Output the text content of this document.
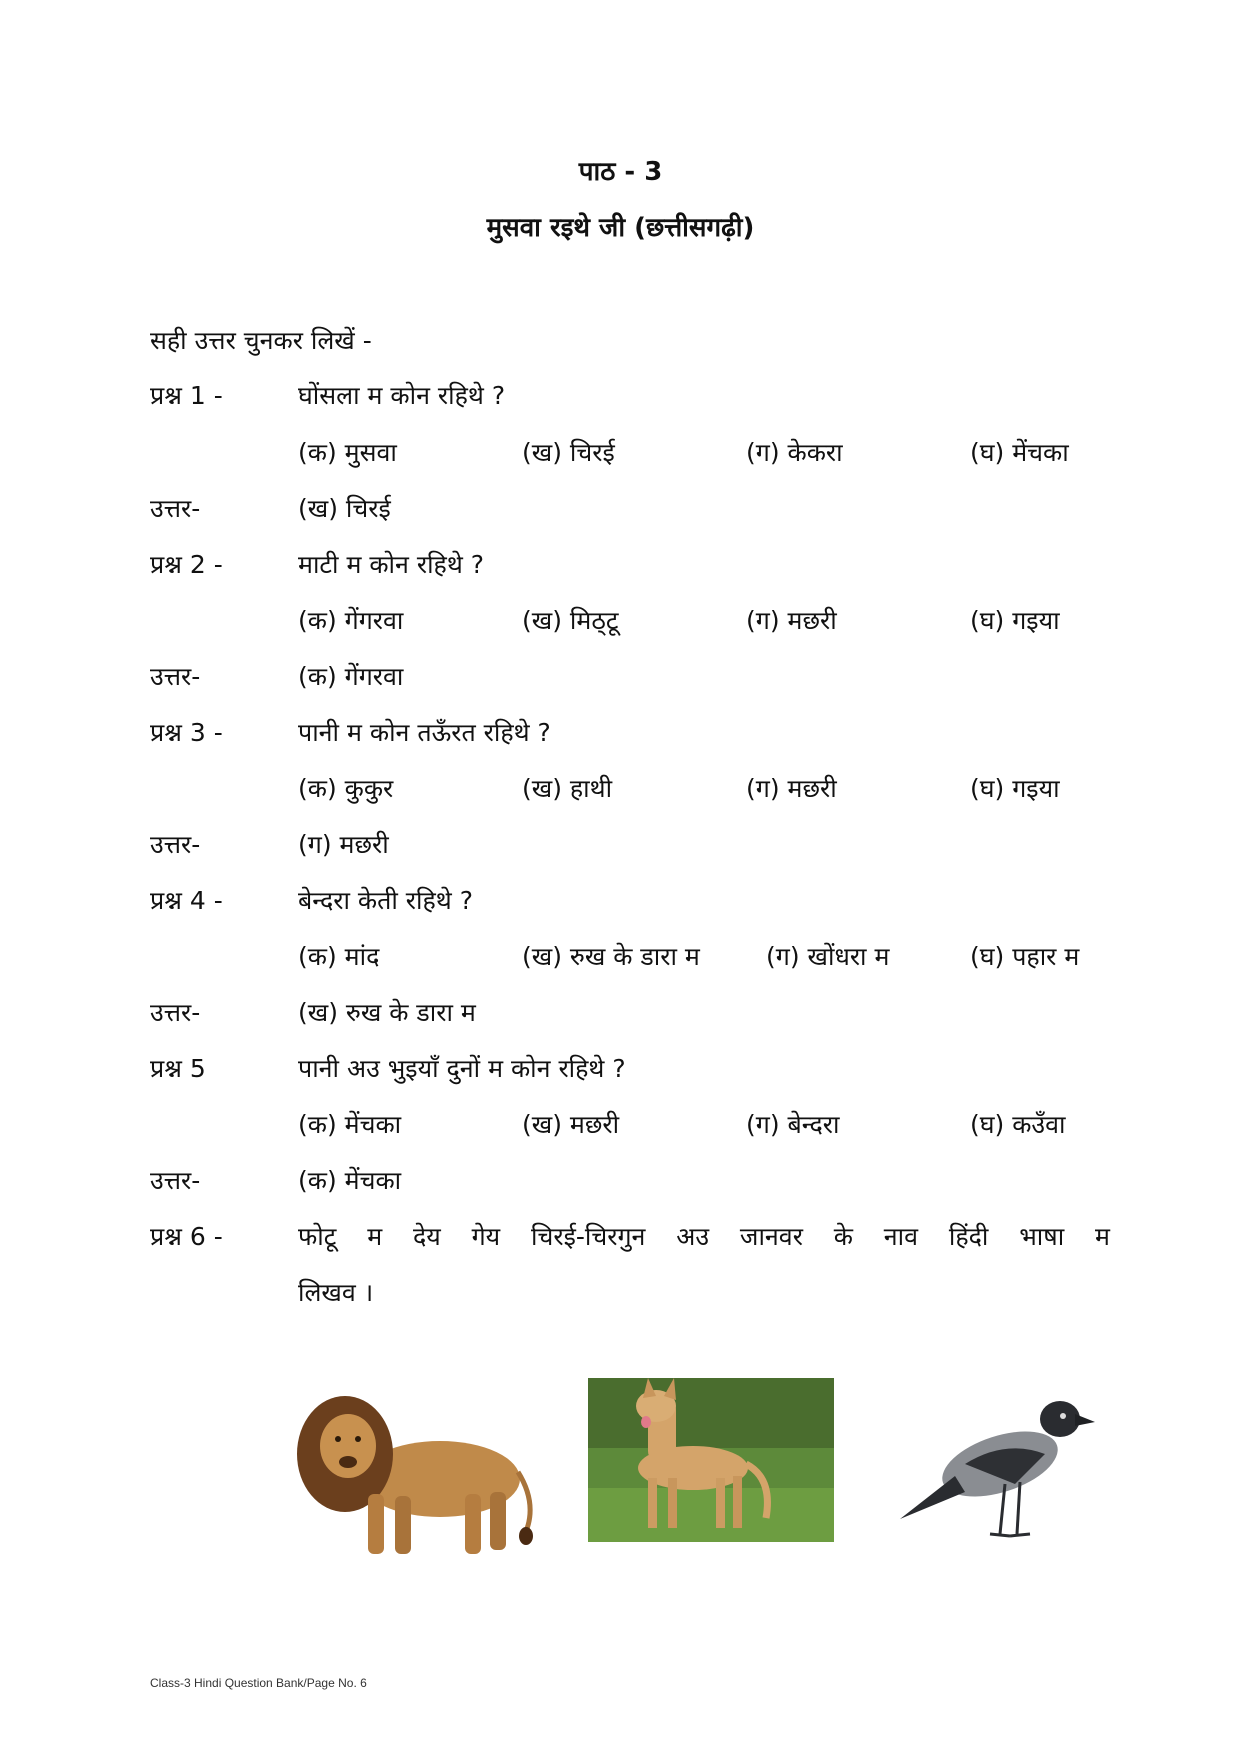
पाठ - 3
मुसवा रइथे जी (छत्तीसगढ़ी)
सही उत्तर चुनकर लिखें -
प्रश्न 1 -	घोंसला म कोन रहिथे ?
(क) मुसवा	(ख) चिरई	(ग) केकरा	(घ) मेंचका
उत्तर-	(ख) चिरई
प्रश्न 2 -	माटी म कोन रहिथे ?
(क) गेंगरवा	(ख) मिठ्टू	(ग) मछरी	(घ) गइया
उत्तर-	(क) गेंगरवा
प्रश्न 3 -	पानी म कोन तऊँरत रहिथे ?
(क) कुकुर	(ख) हाथी	(ग) मछरी	(घ) गइया
उत्तर-	(ग) मछरी
प्रश्न 4 -	बेन्दरा केती रहिथे ?
(क) मांद	(ख) रुख के डारा म	(ग) खोंधरा म	(घ) पहार म
उत्तर-	(ख) रुख के डारा म
प्रश्न 5	पानी अउ भुइयाँ दुनों म कोन रहिथे ?
(क) मेंचका	(ख) मछरी	(ग) बेन्दरा	(घ) कउँवा
उत्तर-	(क) मेंचका
प्रश्न 6 -	फोटू म देय गेय चिरई-चिरगुन अउ जानवर के नाव हिंदी भाषा म
लिखव ।
Class-3 Hindi Question Bank/Page No. 6
